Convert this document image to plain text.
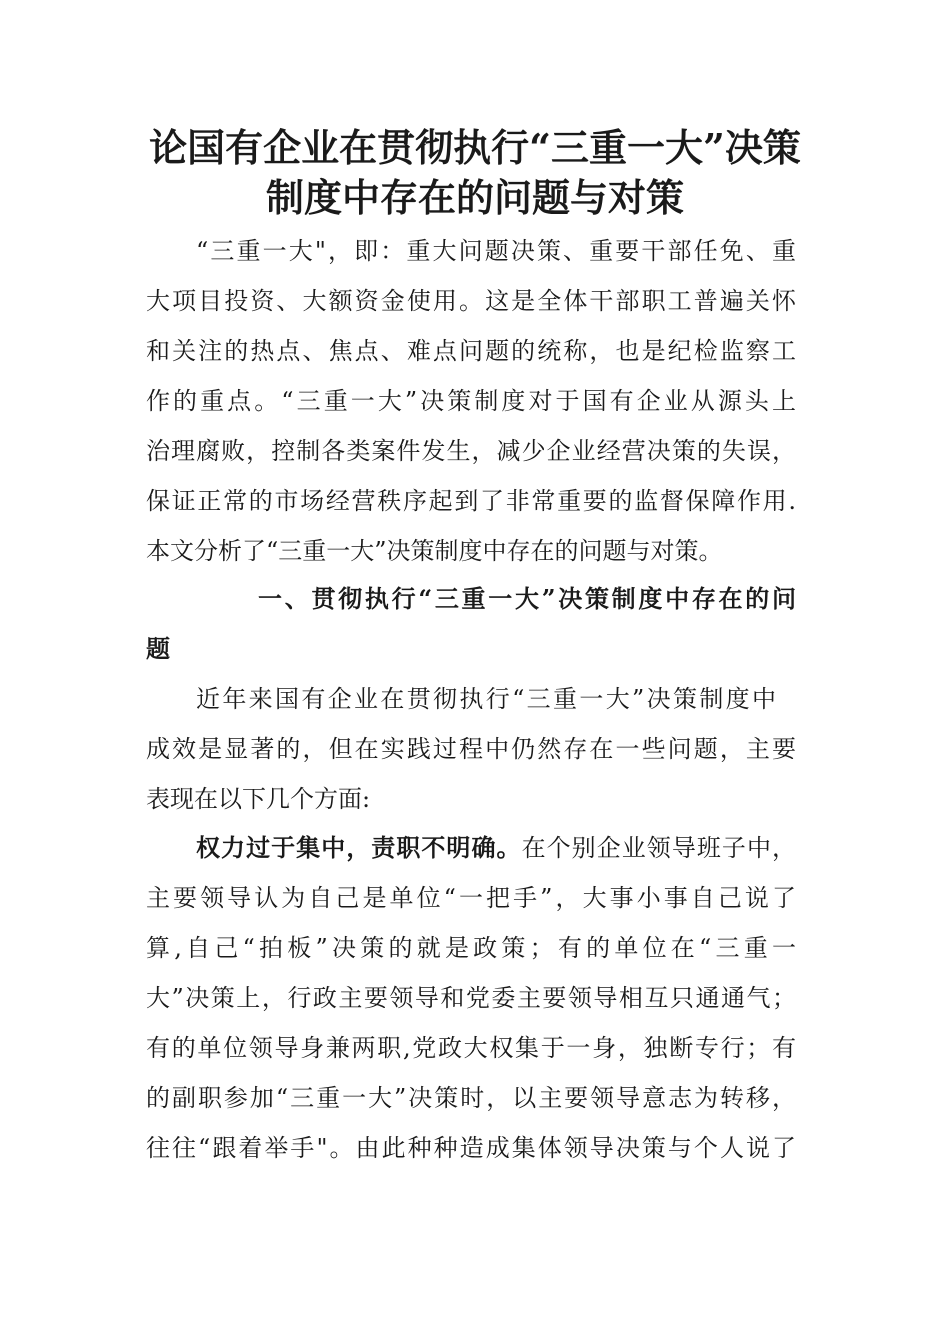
论国有企业在贯彻执行“三重一大”决策
制度中存在的问题与对策
“三重一大"，即：重大问题决策、重要干部任免、重
大项目投资、大额资金使用。这是全体干部职工普遍关怀
和关注的热点、焦点、难点问题的统称，也是纪检监察工
作的重点。“三重一大”决策制度对于国有企业从源头上
治理腐败，控制各类案件发生，减少企业经营决策的失误，
保证正常的市场经营秩序起到了非常重要的监督保障作用.
本文分析了“三重一大”决策制度中存在的问题与对策。
一、贯彻执行“三重一大”决策制度中存在的问
题
近年来国有企业在贯彻执行“三重一大”决策制度中
成效是显著的，但在实践过程中仍然存在一些问题，主要
表现在以下几个方面:
权力过于集中，责职不明确。在个别企业领导班子中，
主要领导认为自己是单位“一把手”，大事小事自己说了
算,自己“拍板”决策的就是政策；有的单位在“三重一
大”决策上，行政主要领导和党委主要领导相互只通通气；
有的单位领导身兼两职,党政大权集于一身，独断专行；有
的副职参加“三重一大”决策时，以主要领导意志为转移，
往往“跟着举手"。由此种种造成集体领导决策与个人说了
